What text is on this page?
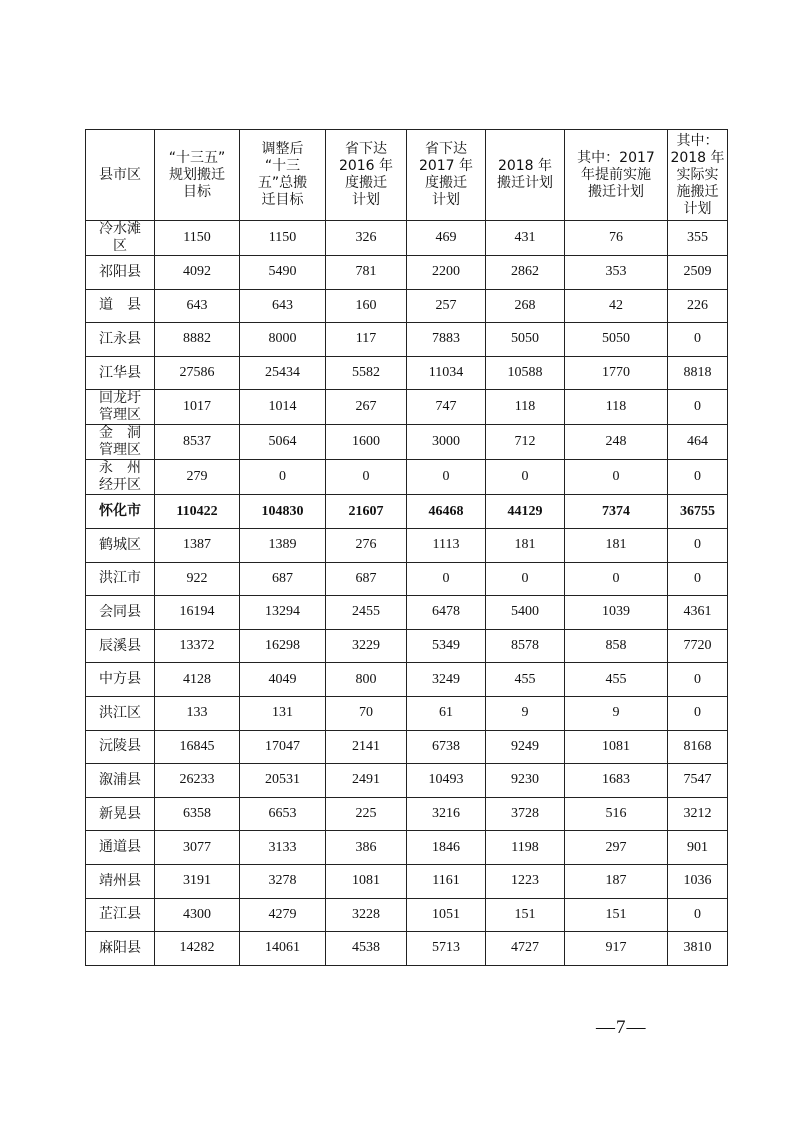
县市区	“十三五”
规划搬迁
目标	调整后
“十三
五”总搬
迁目标	省下达
2016 年
度搬迁
计划	省下达
2017 年
度搬迁
计划	2018 年
搬迁计划	其中：2017
年提前实施
搬迁计划	其中：
2018 年
实际实
施搬迁
计划

冷水滩
区	1150	1150	326	469	431	76	355

祁阳县	4092	5490	781	2200	2862	353	2509

道　县	643	643	160	257	268	42	226

江永县	8882	8000	117	7883	5050	5050	0

江华县	27586	25434	5582	11034	10588	1770	8818

回龙圩
管理区	1017	1014	267	747	118	118	0

金　洞
管理区	8537	5064	1600	3000	712	248	464

永　州
经开区	279	0	0	0	0	0	0

怀化市	110422	104830	21607	46468	44129	7374	36755

鹤城区	1387	1389	276	1113	181	181	0

洪江市	922	687	687	0	0	0	0

会同县	16194	13294	2455	6478	5400	1039	4361

辰溪县	13372	16298	3229	5349	8578	858	7720

中方县	4128	4049	800	3249	455	455	0

洪江区	133	131	70	61	9	9	0

沅陵县	16845	17047	2141	6738	9249	1081	8168

溆浦县	26233	20531	2491	10493	9230	1683	7547

新晃县	6358	6653	225	3216	3728	516	3212

通道县	3077	3133	386	1846	1198	297	901

靖州县	3191	3278	1081	1161	1223	187	1036

芷江县	4300	4279	3228	1051	151	151	0

麻阳县	14282	14061	4538	5713	4727	917	3810
—7—
